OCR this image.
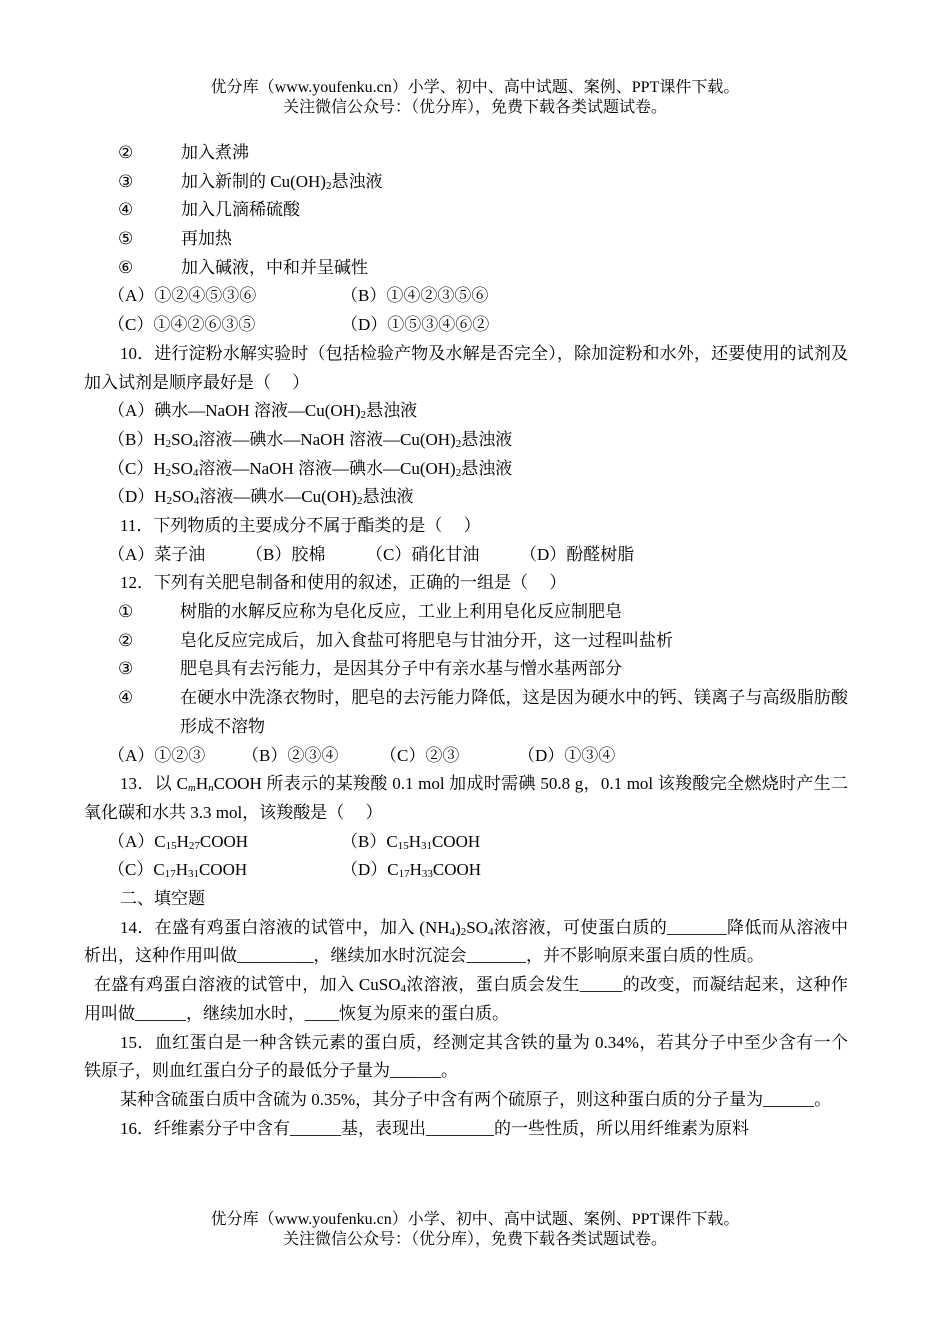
优分库（www.youfenku.cn）小学、初中、高中试题、案例、PPT课件下载。
关注微信公众号：（优分库），免费下载各类试题试卷。
②	加入煮沸
③	加入新制的 $Cu(OH)_2$悬浊液
④	加入几滴稀硫酸
⑤	再加热
⑥	加入碱液，中和并呈碱性
（A）①②④⑤③⑥	（B）①④②③⑤⑥
（C）①④②⑥③⑤	（D）①⑤③④⑥②
10．进行淀粉水解实验时（包括检验产物及水解是否完全），除加淀粉和水外，还要使用的试剂及加入试剂是顺序最好是（　 ）
（A）碘水—NaOH 溶液$—Cu(OH)_2$悬浊液
$(B)H_2SO_4$溶液—碘水—NaOH 溶液$—Cu(OH)_2$悬浊液
$(C)H_2SO_4$溶液—NaOH 溶液—碘水$—Cu(OH)_2$悬浊液
$(D)H_2SO_4$溶液—碘水$—Cu(OH)_2$悬浊液
11．下列物质的主要成分不属于酯类的是（　 ）
（A）菜子油 （B）胶棉 （C）硝化甘油 （D）酚醛树脂
12．下列有关肥皂制备和使用的叙述，正确的一组是（　 ）
①	树脂的水解反应称为皂化反应，工业上利用皂化反应制肥皂
②	皂化反应完成后，加入食盐可将肥皂与甘油分开，这一过程叫盐析
③	肥皂具有去污能力，是因其分子中有亲水基与憎水基两部分
④	在硬水中洗涤衣物时，肥皂的去污能力降低，这是因为硬水中的钙、镁离子与高级脂肪酸形成不溶物
（A）①②③ （B）②③④ （C）②③	（D）①③④
13．以 $C_mH_nCOOH$ 所表示的某羧酸 0.1 mol 加成时需碘 50.8 g，0.1 mol 该羧酸完全燃烧时产生二氧化碳和水共 3.3 mol，该羧酸是（　 ）
$(A)C_{15}H_{27}COOH$	$(B)C_{15}H_{31}COOH$
$(C)C_{17}H_{31}COOH$	$(D)C_{17}H_{33}COOH$
二、填空题
14．在盛有鸡蛋白溶液的试管中，加入 $(NH_4)_2SO_4$浓溶液，可使蛋白质的_______降低而从溶液中析出，这种作用叫做_________，继续加水时沉淀会_______，并不影响原来蛋白质的性质。
在盛有鸡蛋白溶液的试管中，加入 CuSO$_4$浓溶液，蛋白质会发生_____的改变，而凝结起来，这种作用叫做______，继续加水时，____恢复为原来的蛋白质。
15．血红蛋白是一种含铁元素的蛋白质，经测定其含铁的量为 0.34%，若其分子中至少含有一个铁原子，则血红蛋白分子的最低分子量为______。
某种含硫蛋白质中含硫为 0.35%，其分子中含有两个硫原子，则这种蛋白质的分子量为______。
16．纤维素分子中含有______基，表现出________的一些性质，所以用纤维素为原料
优分库（www.youfenku.cn）小学、初中、高中试题、案例、PPT课件下载。
关注微信公众号：（优分库），免费下载各类试题试卷。
